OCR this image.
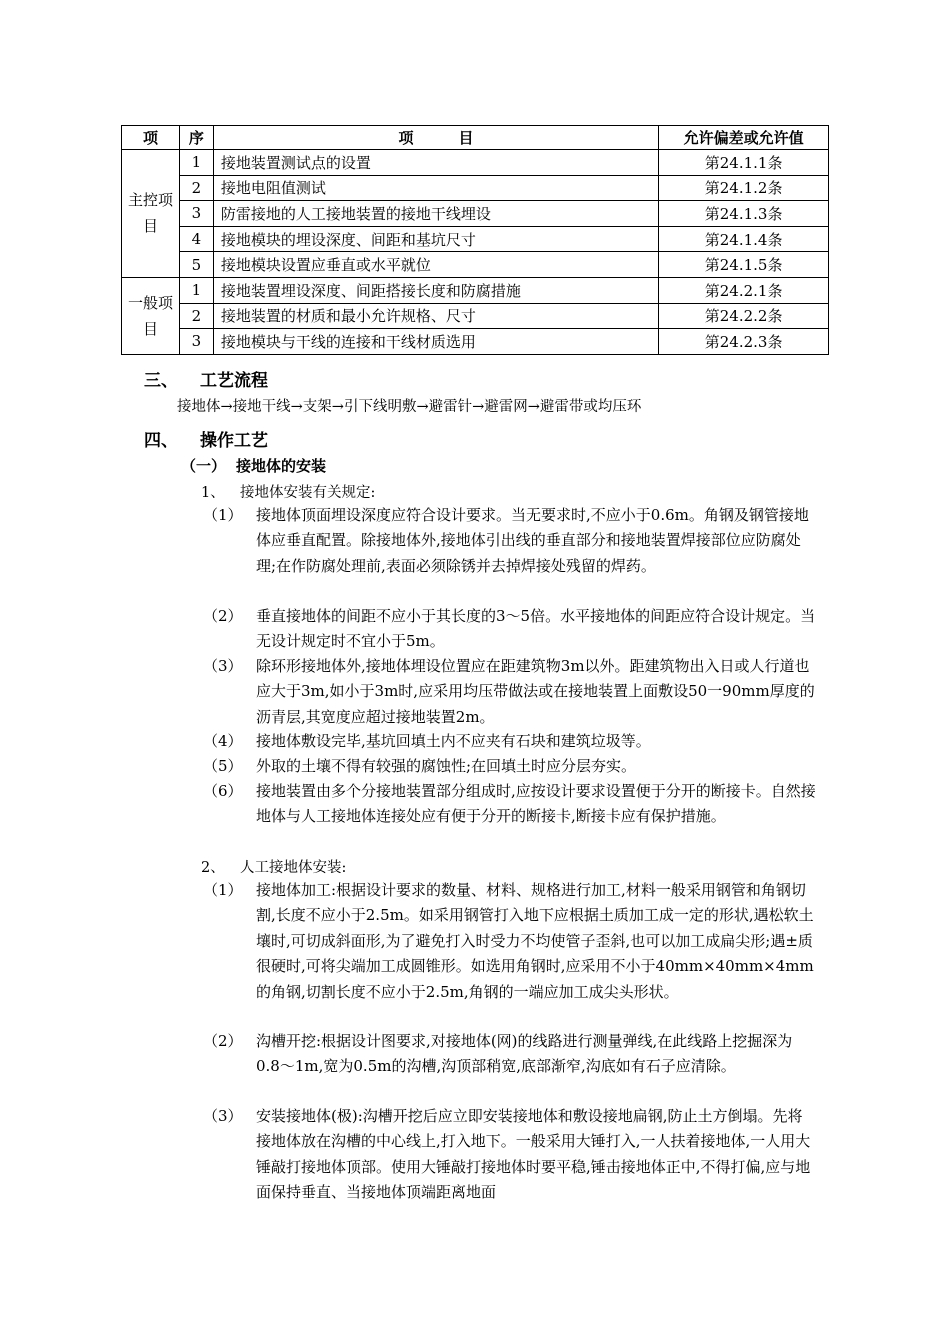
项	序	项　　　目	允许偏差或允许值
主控项目	1	接地装置测试点的设置	第24.1.1条
	2	接地电阻值测试	第24.1.2条
	3	防雷接地的人工接地装置的接地干线埋设	第24.1.3条
	4	接地模块的埋设深度、间距和基坑尺寸	第24.1.4条
	5	接地模块设置应垂直或水平就位	第24.1.5条
一般项目	1	接地装置埋设深度、间距搭接长度和防腐措施	第24.2.1条
	2	接地装置的材质和最小允许规格、尺寸	第24.2.2条
	3	接地模块与干线的连接和干线材质选用	第24.2.3条
三、 工艺流程
接地体→接地干线→支架→引下线明敷→避雷针→避雷网→避雷带或均压环
四、 操作工艺
（一） 接地体的安装
1、 接地体安装有关规定:
（1） 接地体顶面埋设深度应符合设计要求。当无要求时,不应小于0.6m。角钢及钢管接地体应垂直配置。除接地体外,接地体引出线的垂直部分和接地装置焊接部位应防腐处理;在作防腐处理前,表面必须除锈并去掉焊接处残留的焊药。
（2） 垂直接地体的间距不应小于其长度的3～5倍。水平接地体的间距应符合设计规定。当无设计规定时不宜小于5m。
（3） 除环形接地体外,接地体埋设位置应在距建筑物3m以外。距建筑物出入日或人行道也应大于3m,如小于3m时,应采用均压带做法或在接地装置上面敷设50一90mm厚度的沥青层,其宽度应超过接地装置2m。
（4） 接地体敷设完毕,基坑回填土内不应夹有石块和建筑垃圾等。
（5） 外取的土壤不得有较强的腐蚀性;在回填土时应分层夯实。
（6） 接地装置由多个分接地装置部分组成时,应按设计要求设置便于分开的断接卡。自然接地体与人工接地体连接处应有便于分开的断接卡,断接卡应有保护措施。
2、 人工接地体安装:
（1） 接地体加工:根据设计要求的数量、材料、规格进行加工,材料一般采用钢管和角钢切割,长度不应小于2.5m。如采用钢管打入地下应根据土质加工成一定的形状,遇松软土壤时,可切成斜面形,为了避免打入时受力不均使管子歪斜,也可以加工成扁尖形;遇±质很硬时,可将尖端加工成圆锥形。如选用角钢时,应采用不小于40mm×40mm×4mm的角钢,切割长度不应小于2.5m,角钢的一端应加工成尖头形状。
（2） 沟槽开挖:根据设计图要求,对接地体(网)的线路进行测量弹线,在此线路上挖掘深为0.8～1m,宽为0.5m的沟槽,沟顶部稍宽,底部渐窄,沟底如有石子应清除。
（3） 安装接地体(极):沟槽开挖后应立即安装接地体和敷设接地扁钢,防止土方倒塌。先将接地体放在沟槽的中心线上,打入地下。一般采用大锤打入,一人扶着接地体,一人用大锤敲打接地体顶部。使用大锤敲打接地体时要平稳,锤击接地体正中,不得打偏,应与地面保持垂直、当接地体顶端距离地面
